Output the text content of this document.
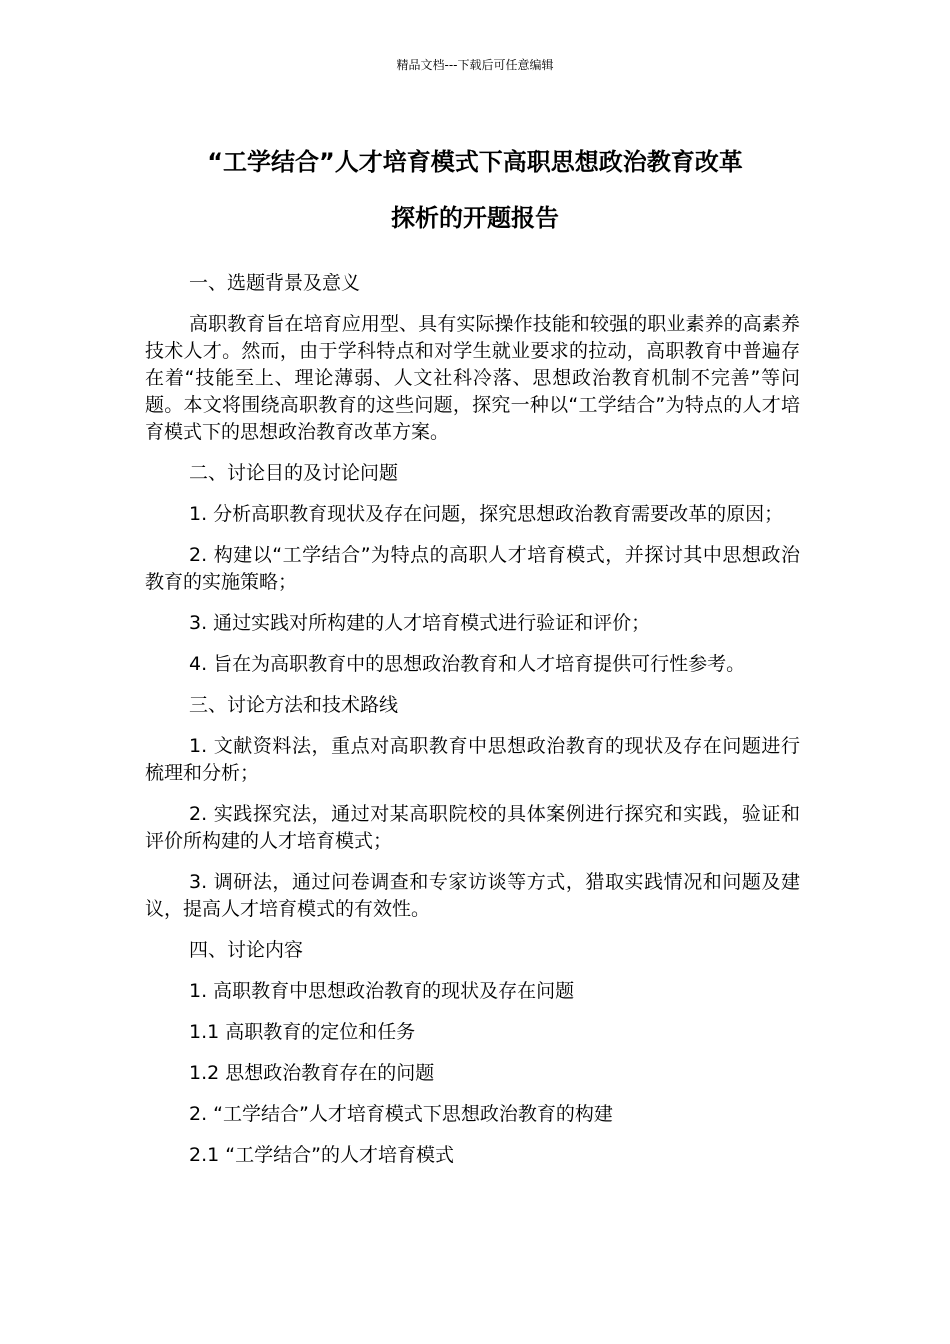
精品文档---下载后可任意编辑
“工学结合”人才培育模式下高职思想政治教育改革
探析的开题报告

一、选题背景及意义

高职教育旨在培育应用型、具有实际操作技能和较强的职业素养的高素养技术人才。然而，由于学科特点和对学生就业要求的拉动，高职教育中普遍存在着“技能至上、理论薄弱、人文社科冷落、思想政治教育机制不完善”等问题。本文将围绕高职教育的这些问题，探究一种以“工学结合”为特点的人才培育模式下的思想政治教育改革方案。

二、讨论目的及讨论问题

1. 分析高职教育现状及存在问题，探究思想政治教育需要改革的原因；

2. 构建以“工学结合”为特点的高职人才培育模式，并探讨其中思想政治教育的实施策略；

3. 通过实践对所构建的人才培育模式进行验证和评价；

4. 旨在为高职教育中的思想政治教育和人才培育提供可行性参考。

三、讨论方法和技术路线

1. 文献资料法，重点对高职教育中思想政治教育的现状及存在问题进行梳理和分析；

2. 实践探究法，通过对某高职院校的具体案例进行探究和实践，验证和评价所构建的人才培育模式；

3. 调研法，通过问卷调查和专家访谈等方式，猎取实践情况和问题及建议，提高人才培育模式的有效性。

四、讨论内容

1. 高职教育中思想政治教育的现状及存在问题

1.1 高职教育的定位和任务

1.2 思想政治教育存在的问题

2. “工学结合”人才培育模式下思想政治教育的构建

2.1 “工学结合”的人才培育模式
